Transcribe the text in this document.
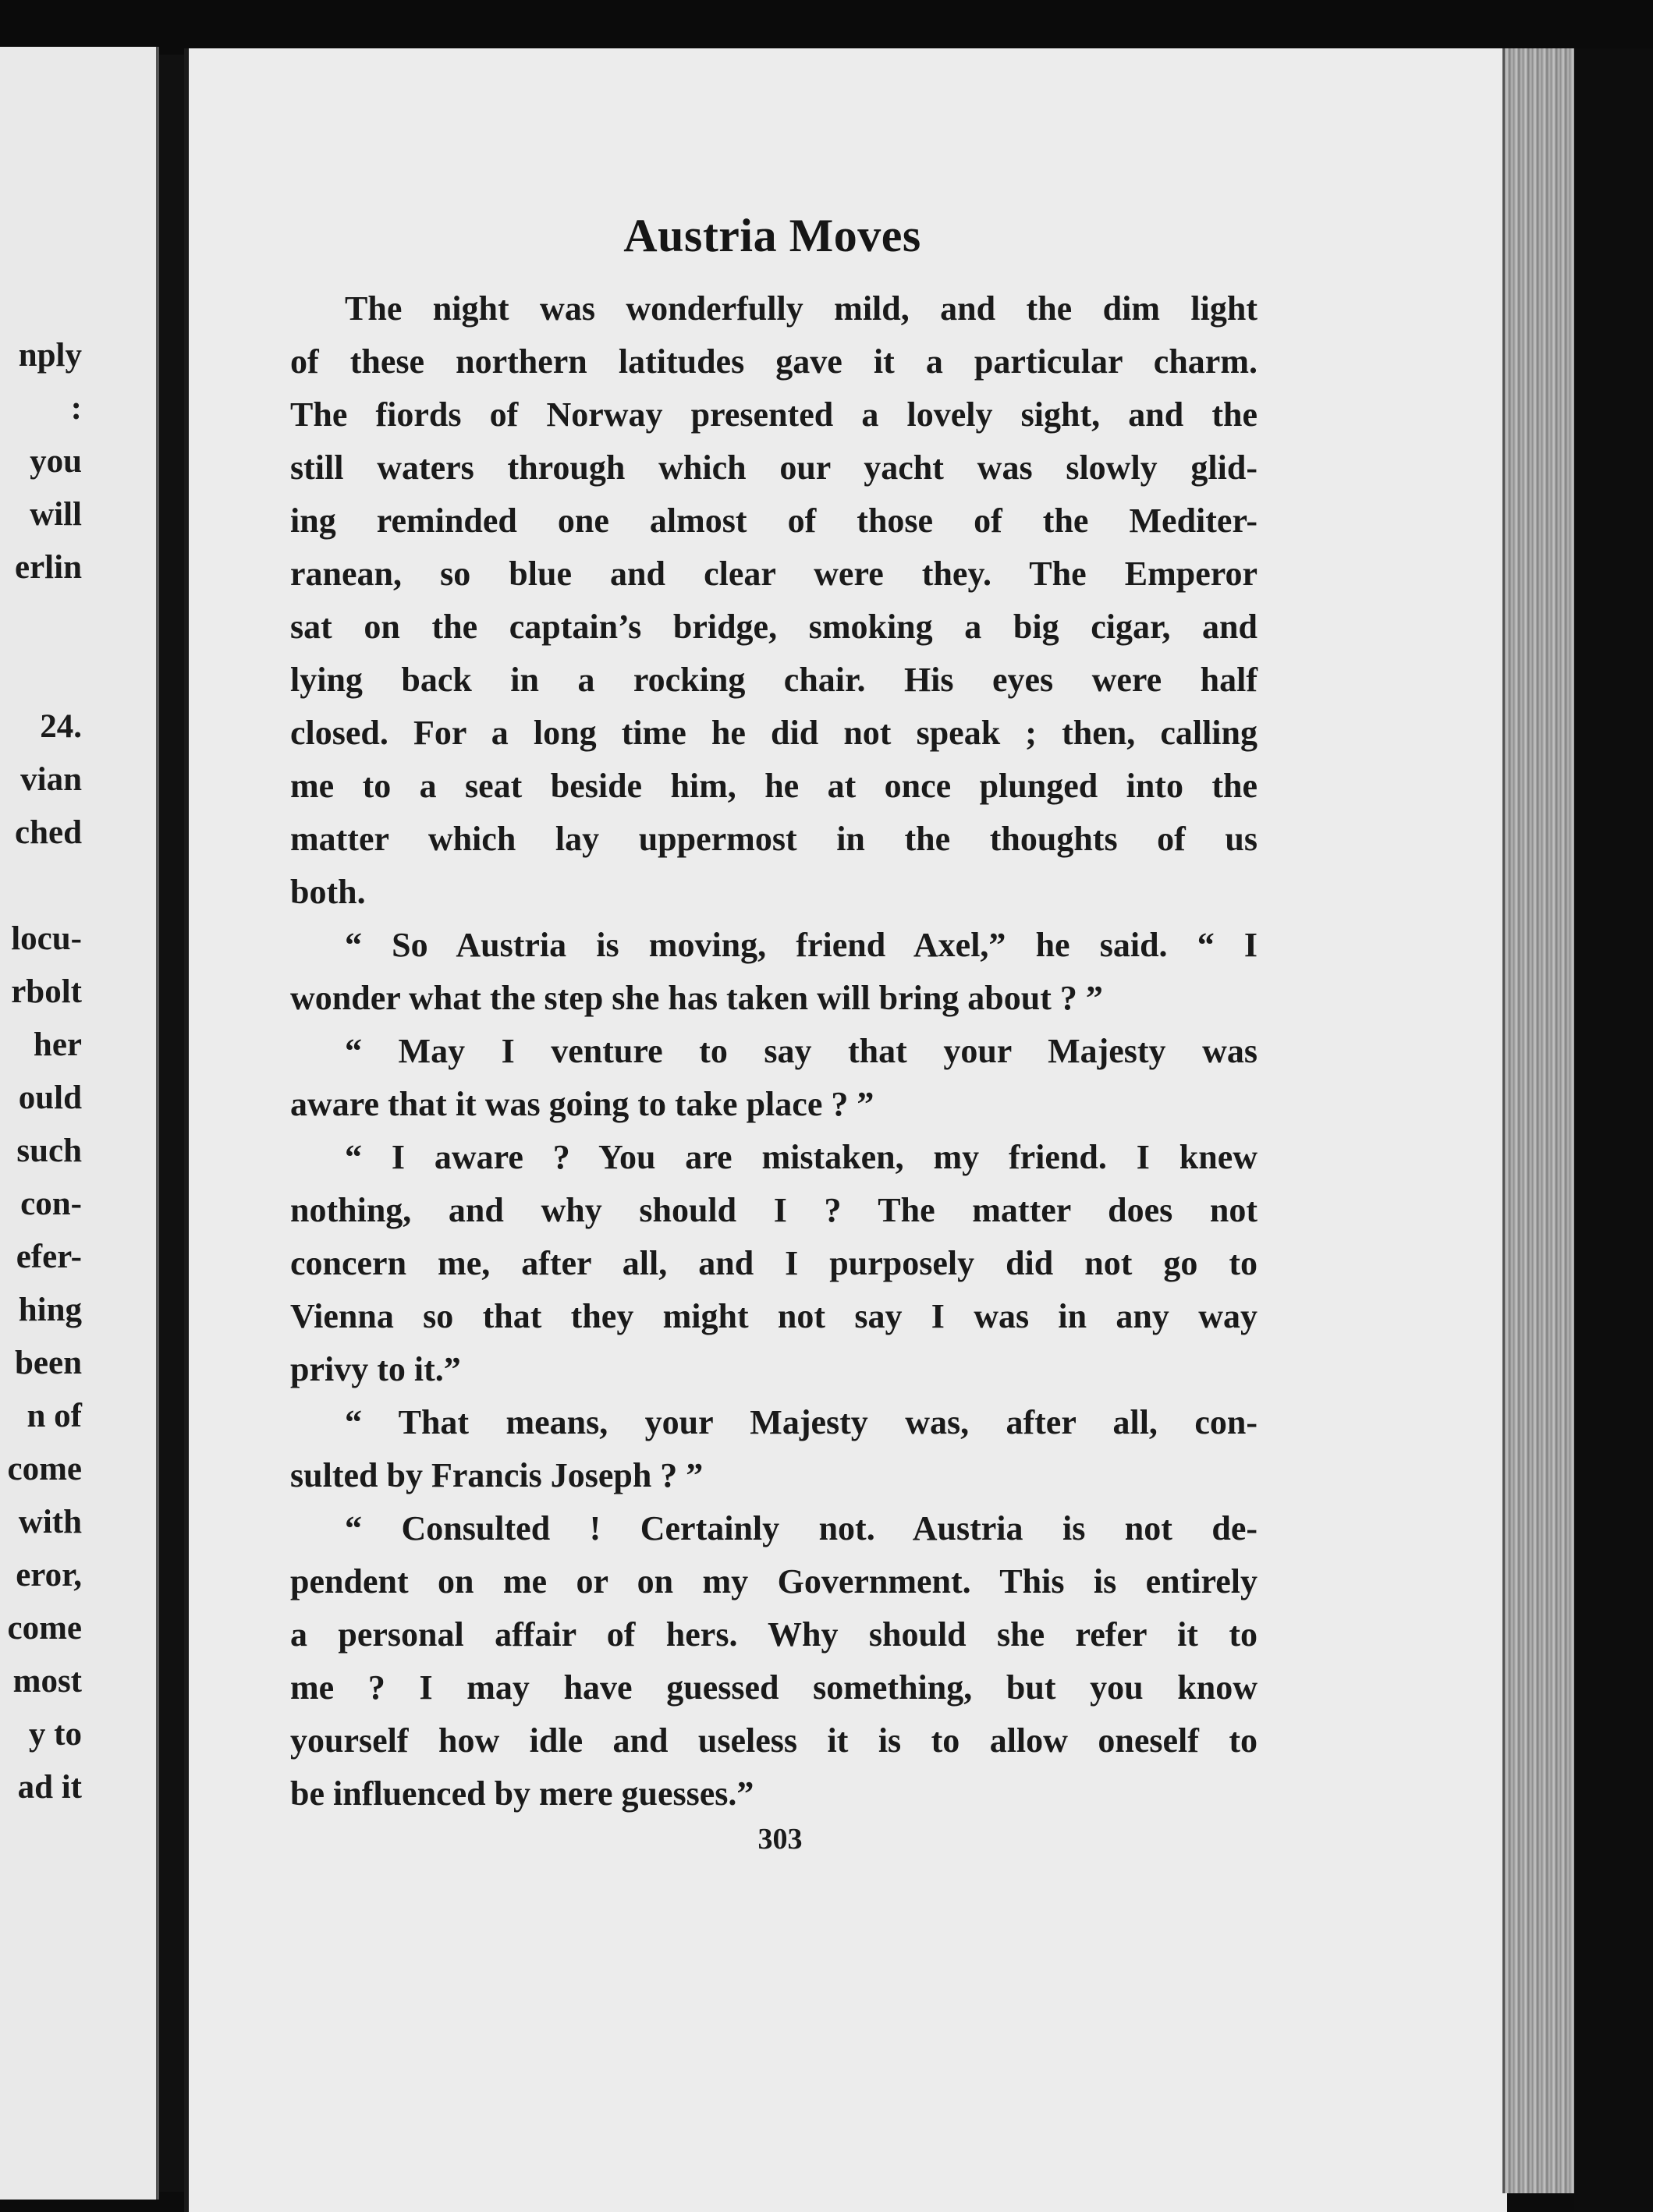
nply
:
you
will
erlin
24.
vian
ched
locu-
rbolt
her
ould
such
con-
efer-
hing
been
n of
come
with
eror,
come
most
y to
ad it
Austria Moves
The night was wonderfully mild, and the dim light
of these northern latitudes gave it a particular charm.
The fiords of Norway presented a lovely sight, and the
still waters through which our yacht was slowly glid-
ing reminded one almost of those of the Mediter-
ranean, so blue and clear were they. The Emperor
sat on the captain’s bridge, smoking a big cigar, and
lying back in a rocking chair. His eyes were half
closed. For a long time he did not speak ; then, calling
me to a seat beside him, he at once plunged into the
matter which lay uppermost in the thoughts of us
both.
“ So Austria is moving, friend Axel,” he said. “ I
wonder what the step she has taken will bring about ? ”
“ May I venture to say that your Majesty was
aware that it was going to take place ? ”
“ I aware ? You are mistaken, my friend. I knew
nothing, and why should I ? The matter does not
concern me, after all, and I purposely did not go to
Vienna so that they might not say I was in any way
privy to it.”
“ That means, your Majesty was, after all, con-
sulted by Francis Joseph ? ”
“ Consulted ! Certainly not. Austria is not de-
pendent on me or on my Government. This is entirely
a personal affair of hers. Why should she refer it to
me ? I may have guessed something, but you know
yourself how idle and useless it is to allow oneself to
be influenced by mere guesses.”
303
